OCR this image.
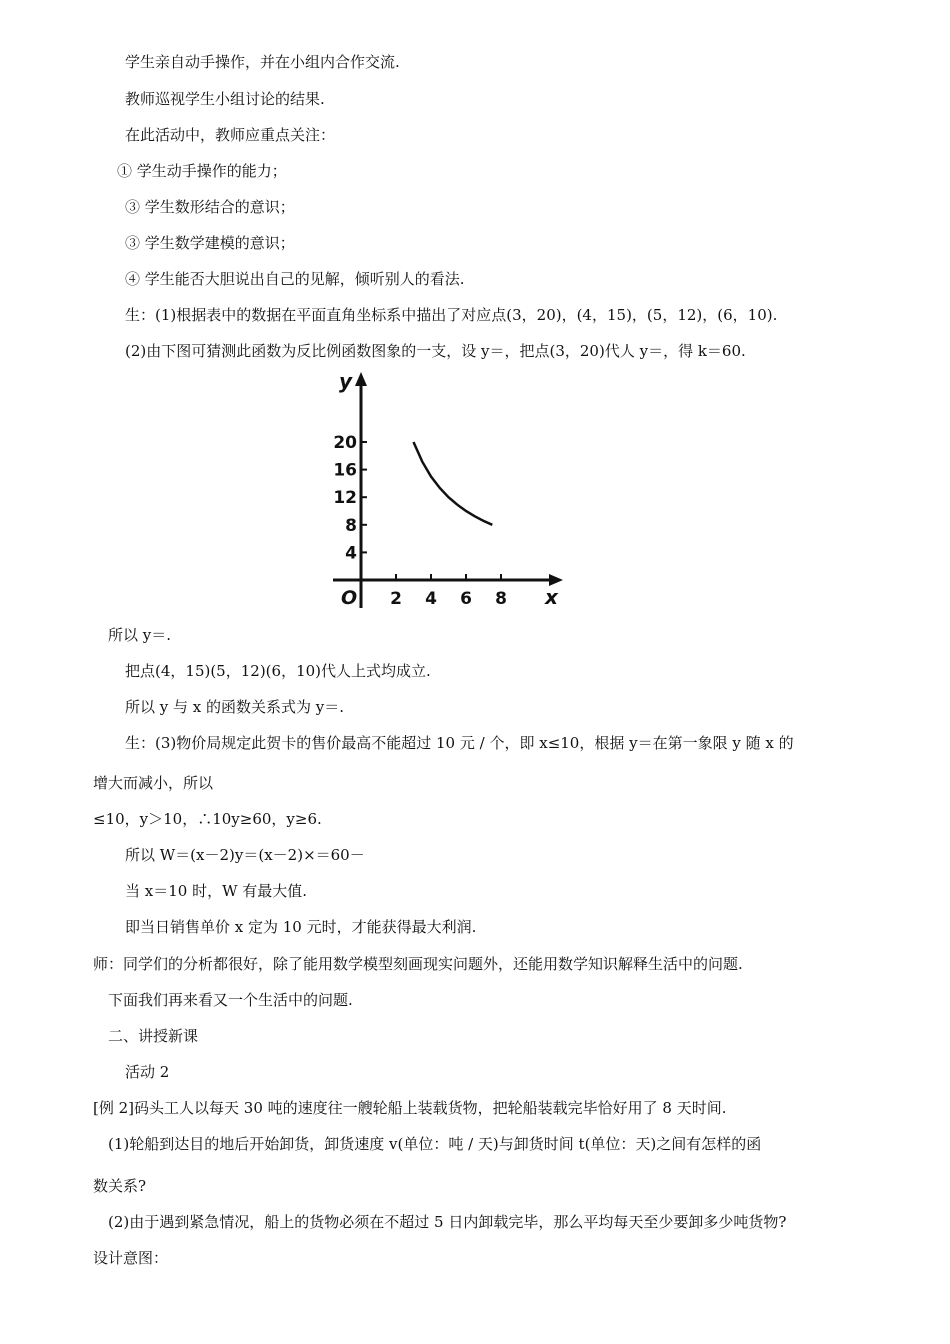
学生亲自动手操作，并在小组内合作交流.
教师巡视学生小组讨论的结果.
在此活动中，教师应重点关注：
① 学生动手操作的能力；
③ 学生数形结合的意识；
③ 学生数学建模的意识；
④ 学生能否大胆说出自己的见解，倾听别人的看法.
生：(1)根据表中的数据在平面直角坐标系中描出了对应点(3，20)，(4，15)，(5，12)，(6，10).
(2)由下图可猜测此函数为反比例函数图象的一支，设 y＝，把点(3，20)代人 y＝，得 k＝60.
2 4 6 8
4
8
12
16
20
y
x
O
所以 y＝.
把点(4，15)(5，12)(6，10)代人上式均成立.
所以 y 与 x 的函数关系式为 y＝.
生：(3)物价局规定此贺卡的售价最高不能超过 10 元 / 个，即 x≤10，根据 y＝在第一象限 y 随 x 的
增大而减小，所以
≤10，y＞10，∴10y≥60，y≥6.
所以 W＝(x－2)y＝(x－2)×＝60－
当 x＝10 时，W 有最大值.
即当日销售单价 x 定为 10 元时，才能获得最大利润.
师：同学们的分析都很好，除了能用数学模型刻画现实问题外，还能用数学知识解释生活中的问题.
下面我们再来看又一个生活中的问题.
二、讲授新课
活动 2
[例 2]码头工人以每天 30 吨的速度往一艘轮船上装载货物，把轮船装载完毕恰好用了 8 天时间.
(1)轮船到达目的地后开始卸货，卸货速度 v(单位：吨 / 天)与卸货时间 t(单位：天)之间有怎样的函
数关系?
(2)由于遇到紧急情况，船上的货物必须在不超过 5 日内卸载完毕，那么平均每天至少要卸多少吨货物?
设计意图：
